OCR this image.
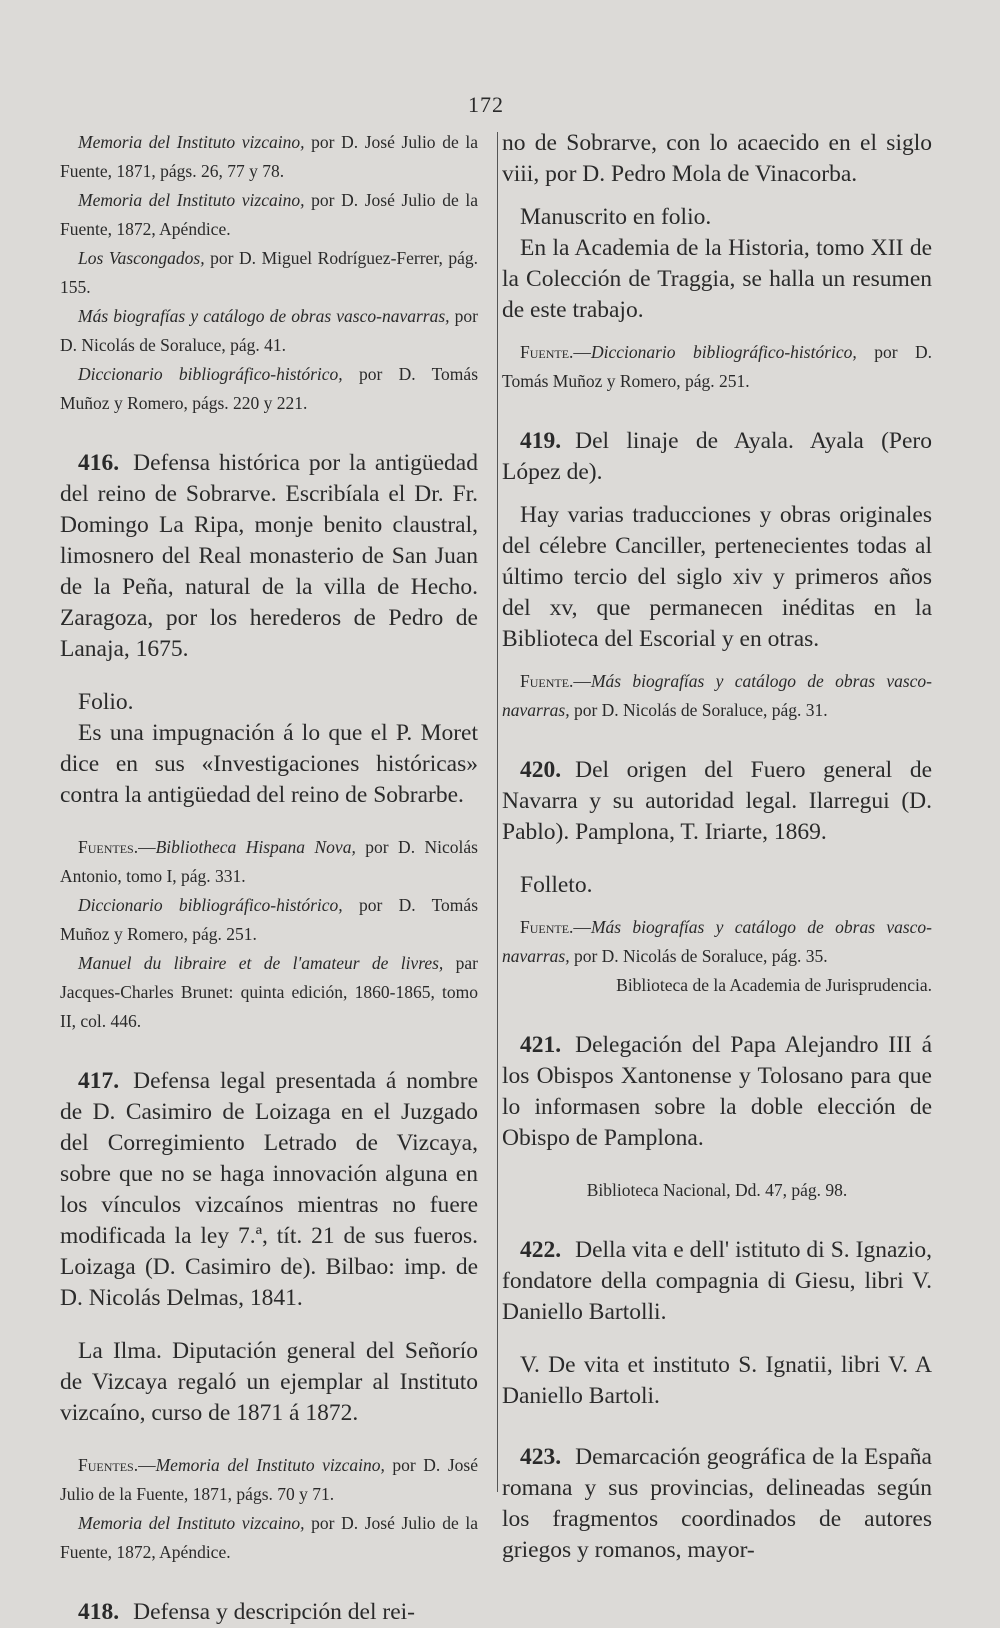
172

Memoria del Instituto vizcaino, por D. José Julio de la Fuente, 1871, págs. 26, 77 y 78.

Memoria del Instituto vizcaino, por D. José Julio de la Fuente, 1872, Apéndice.

Los Vascongados, por D. Miguel Rodríguez-Ferrer, pág. 155.

Más biografías y catálogo de obras vasco-navarras, por D. Nicolás de Soraluce, pág. 41.

Diccionario bibliográfico-histórico, por D. Tomás Muñoz y Romero, págs. 220 y 221.

416. Defensa histórica por la antigüedad del reino de Sobrarve. Escribíala el Dr. Fr. Domingo La Ripa, monje benito claustral, limosnero del Real monasterio de San Juan de la Peña, natural de la villa de Hecho. Zaragoza, por los herederos de Pedro de Lanaja, 1675.

Folio.

Es una impugnación á lo que el P. Moret dice en sus «Investigaciones históricas» contra la antigüedad del reino de Sobrarbe.

Fuentes.—Bibliotheca Hispana Nova, por D. Nicolás Antonio, tomo I, pág. 331.

Diccionario bibliográfico-histórico, por D. Tomás Muñoz y Romero, pág. 251.

Manuel du libraire et de l'amateur de livres, par Jacques-Charles Brunet: quinta edición, 1860-1865, tomo II, col. 446.

417. Defensa legal presentada á nombre de D. Casimiro de Loizaga en el Juzgado del Corregimiento Letrado de Vizcaya, sobre que no se haga innovación alguna en los vínculos vizcaínos mientras no fuere modificada la ley 7.ª, tít. 21 de sus fueros. Loizaga (D. Casimiro de). Bilbao: imp. de D. Nicolás Delmas, 1841.

La Ilma. Diputación general del Señorío de Vizcaya regaló un ejemplar al Instituto vizcaíno, curso de 1871 á 1872.

Fuentes.—Memoria del Instituto vizcaino, por D. José Julio de la Fuente, 1871, págs. 70 y 71.

Memoria del Instituto vizcaino, por D. José Julio de la Fuente, 1872, Apéndice.

418. Defensa y descripción del rei-

no de Sobrarve, con lo acaecido en el siglo viii, por D. Pedro Mola de Vinacorba.

Manuscrito en folio.

En la Academia de la Historia, tomo XII de la Colección de Traggia, se halla un resumen de este trabajo.

Fuente.—Diccionario bibliográfico-histórico, por D. Tomás Muñoz y Romero, pág. 251.

419. Del linaje de Ayala. Ayala (Pero López de).

Hay varias traducciones y obras originales del célebre Canciller, pertenecientes todas al último tercio del siglo xiv y primeros años del xv, que permanecen inéditas en la Biblioteca del Escorial y en otras.

Fuente.—Más biografías y catálogo de obras vasco-navarras, por D. Nicolás de Soraluce, pág. 31.

420. Del origen del Fuero general de Navarra y su autoridad legal. Ilarregui (D. Pablo). Pamplona, T. Iriarte, 1869.

Folleto.

Fuente.—Más biografías y catálogo de obras vasco-navarras, por D. Nicolás de Soraluce, pág. 35.

Biblioteca de la Academia de Jurisprudencia.

421. Delegación del Papa Alejandro III á los Obispos Xantonense y Tolosano para que lo informasen sobre la doble elección de Obispo de Pamplona.

Biblioteca Nacional, Dd. 47, pág. 98.

422. Della vita e dell' istituto di S. Ignazio, fondatore della compagnia di Giesu, libri V. Daniello Bartolli.

V. De vita et instituto S. Ignatii, libri V. A Daniello Bartoli.

423. Demarcación geográfica de la España romana y sus provincias, delineadas según los fragmentos coordinados de autores griegos y romanos, mayor-
